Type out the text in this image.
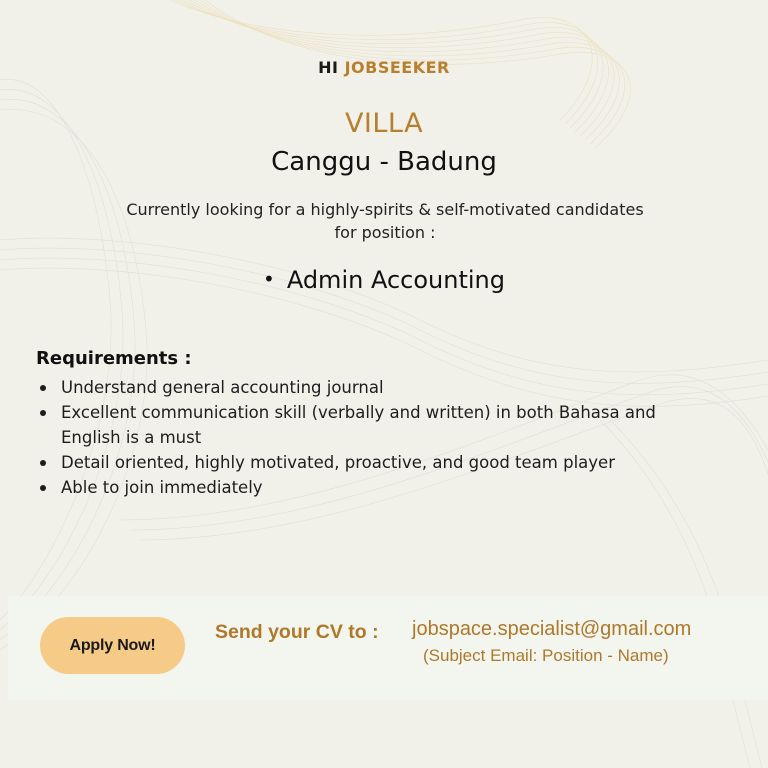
HI JOBSEEKER
VILLA
Canggu - Badung
Currently looking for a highly-spirits & self-motivated candidates
for position :
• Admin Accounting
Requirements :
Understand general accounting journal
Excellent communication skill (verbally and written) in both Bahasa and English is a must
Detail oriented, highly motivated, proactive, and good team player
Able to join immediately
Apply Now!
Send your CV to : jobspace.specialist@gmail.com
(Subject Email: Position - Name)
